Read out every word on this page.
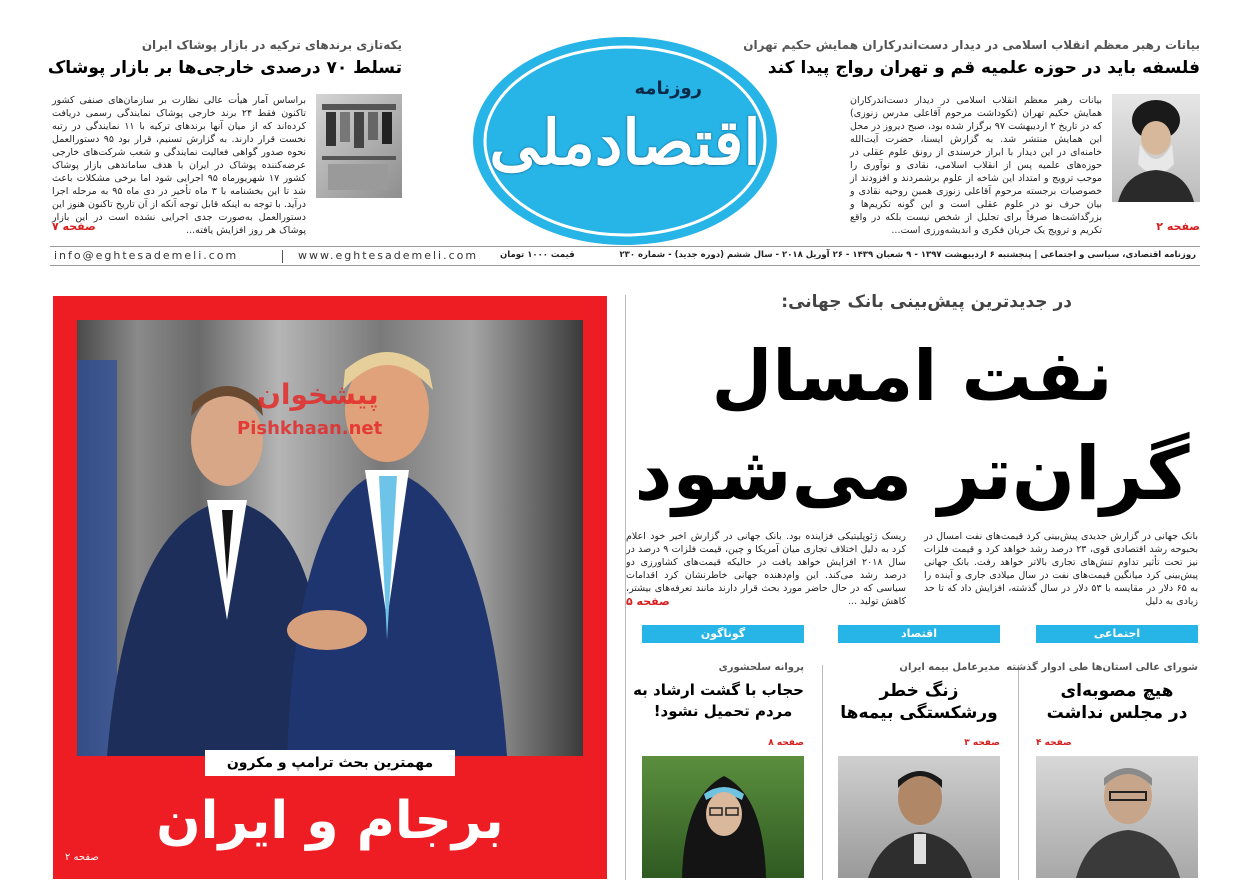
بیانات رهبر معظم انقلاب اسلامی در دیدار دست‌اندرکاران همایش حکیم تهران
فلسفه باید در حوزه علمیه قم و تهران رواج پیدا کند
بیانات رهبر معظم انقلاب اسلامی در دیدار دست‌اندرکاران همایش حکیم تهران (تکوداشت مرحوم آقاعلی مدرس زنوزی) که در تاریخ ۲ اردیبهشت ۹۷ برگزار شده بود، صبح دیروز در محل این همایش منتشر شد. به گزارش ایسنا، حضرت آیت‌الله خامنه‌ای در این دیدار با ابراز خرسندی از رونق علوم عقلی در حوزه‌های علمیه پس از انقلاب اسلامی، نقادی و نوآوری را موجب ترویج و امتداد این شاخه از علوم برشمردند و افزودند از خصوصیات برجسته مرحوم آقاعلی زنوزی همین روحیه نقادی و بیان حرف نو در علوم عقلی است و این گونه تکریم‌ها و بزرگداشت‌ها صرفاً برای تجلیل از شخص نیست بلکه در واقع تکریم و ترویج یک جریان فکری و اندیشه‌ورزی است...	صفحه ۲
روزنامه
اقتصادملی
یکه‌تازی برندهای ترکیه در بازار پوشاک ایران
تسلط ۷۰ درصدی خارجی‌ها بر بازار پوشاک
براساس آمار هیأت عالی نظارت بر سازمان‌های صنفی کشور تاکنون فقط ۲۴ برند خارجی پوشاک نمایندگی رسمی دریافت کرده‌اند که از میان آنها برندهای ترکیه با ۱۱ نمایندگی در رتبه نخست قرار دارند. به گزارش تسنیم، قرار بود ۹۵ دستورالعمل نحوه صدور گواهی فعالیت نمایندگی و شعب شرکت‌های خارجی عرضه‌کننده پوشاک در ایران با هدف ساماندهی بازار پوشاک کشور ۱۷ شهریورماه ۹۵ اجرایی شود اما برخی مشکلات باعث شد تا این بخشنامه با ۳ ماه تأخیر در دی ماه ۹۵ به مرحله اجرا درآید. با توجه به اینکه قابل توجه آنکه از آن تاریخ تاکنون هنوز این دستورالعمل به‌صورت جدی اجرایی نشده است در این بازار پوشاک هر روز افزایش یافته...
صفحه ۷
روزنامه اقتصادی، سیاسی و اجتماعی | پنجشنبه ۶ اردیبهشت ۱۳۹۷ - ۹ شعبان ۱۴۳۹ - ۲۶ آوریل ۲۰۱۸ - سال ششم (دوره جدید) - شماره ۲۳۰
قیمت ۱۰۰۰ تومان
www.eghtesademeli.com
info@eghtesademeli.com
در جدیدترین پیش‌بینی بانک جهانی:
نفت امسال
گران‌تر می‌شود
بانک جهانی در گزارش جدیدی پیش‌بینی کرد قیمت‌های نفت امسال در بحبوحه رشد اقتصادی قوی، ۲۳ درصد رشد خواهد کرد و قیمت فلزات نیز تحت تأثیر تداوم تنش‌های تجاری بالاتر خواهد رفت. بانک جهانی پیش‌بینی کرد میانگین قیمت‌های نفت در سال میلادی جاری و آینده را به ۶۵ دلار در مقایسه با ۵۳ دلار در سال گذشته، افزایش داد که تا حد زیادی به دلیل
ریسک ژئوپلیتیکی فزاینده بود. بانک جهانی در گزارش اخیر خود اعلام کرد به دلیل اختلاف تجاری میان آمریکا و چین، قیمت فلزات ۹ درصد در سال ۲۰۱۸ افزایش خواهد یافت در حالیکه قیمت‌های کشاورزی دو درصد رشد می‌کند. این وام‌دهنده جهانی خاطرنشان کرد اقدامات سیاسی که در حال حاضر مورد بحث قرار دارند مانند تعرفه‌های بیشتر، کاهش تولید ...
صفحه ۵
اجتماعی
اقتصاد
گوناگون
شورای عالی استان‌ها طی ادوار گذشته
هیچ مصوبه‌ای
در مجلس نداشت
صفحه ۴
مدیرعامل بیمه ایران
زنگ خطر
ورشکستگی بیمه‌ها
صفحه ۳
پروانه سلحشوری
حجاب با گشت ارشاد به
مردم تحمیل نشود!
صفحه ۸
پیشخوان
Pishkhaan.net
مهمترین بحث ترامپ و مکرون
برجام و ایران
صفحه ۲
